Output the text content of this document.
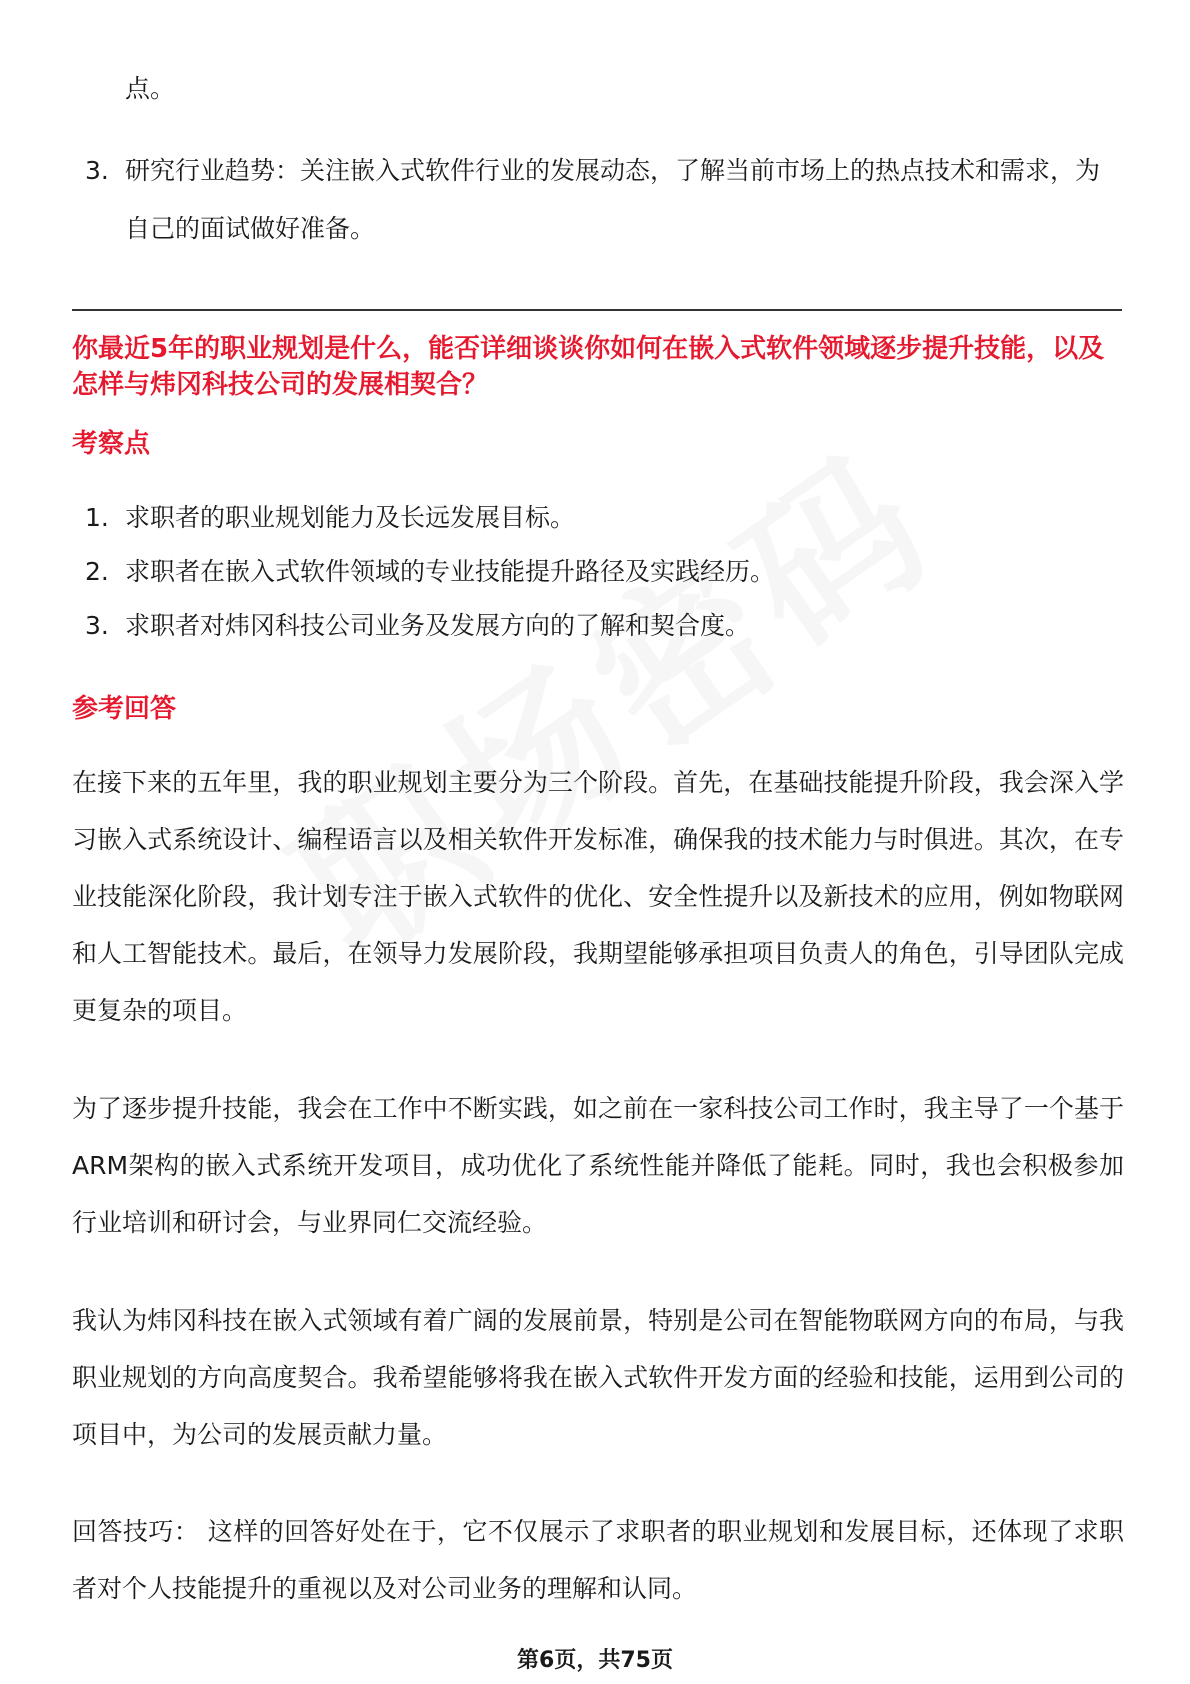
点。
3. 研究行业趋势：关注嵌入式软件行业的发展动态，了解当前市场上的热点技术和需求，为自己的面试做好准备。
你最近5年的职业规划是什么，能否详细谈谈你如何在嵌入式软件领域逐步提升技能，以及怎样与炜冈科技公司的发展相契合？
考察点
1. 求职者的职业规划能力及长远发展目标。
2. 求职者在嵌入式软件领域的专业技能提升路径及实践经历。
3. 求职者对炜冈科技公司业务及发展方向的了解和契合度。
参考回答

在接下来的五年里，我的职业规划主要分为三个阶段。首先，在基础技能提升阶段，我会深入学习嵌入式系统设计、编程语言以及相关软件开发标准，确保我的技术能力与时俱进。其次，在专业技能深化阶段，我计划专注于嵌入式软件的优化、安全性提升以及新技术的应用，例如物联网和人工智能技术。最后，在领导力发展阶段，我期望能够承担项目负责人的角色，引导团队完成更复杂的项目。

为了逐步提升技能，我会在工作中不断实践，如之前在一家科技公司工作时，我主导了一个基于ARM架构的嵌入式系统开发项目，成功优化了系统性能并降低了能耗。同时，我也会积极参加行业培训和研讨会，与业界同仁交流经验。

我认为炜冈科技在嵌入式领域有着广阔的发展前景，特别是公司在智能物联网方向的布局，与我职业规划的方向高度契合。我希望能够将我在嵌入式软件开发方面的经验和技能，运用到公司的项目中，为公司的发展贡献力量。

回答技巧： 这样的回答好处在于，它不仅展示了求职者的职业规划和发展目标，还体现了求职者对个人技能提升的重视以及对公司业务的理解和认同。

第6页，共75页
